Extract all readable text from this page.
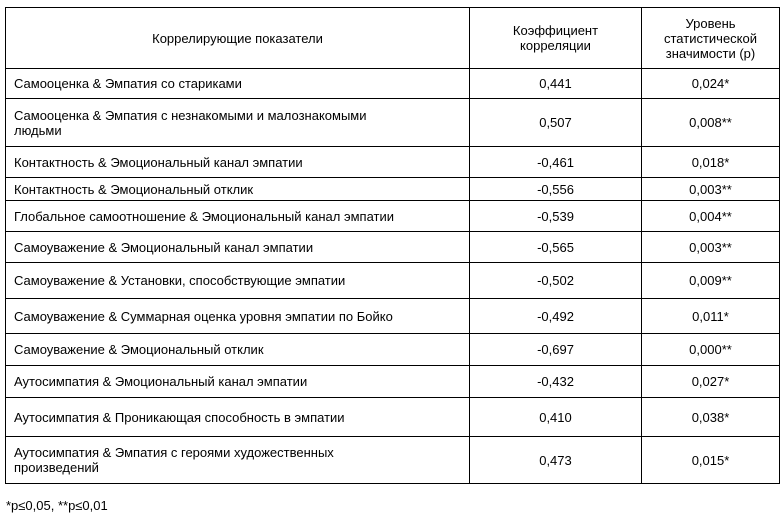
Коррелирующие показатели	Коэффициент корреляции	Уровень статистической значимости (р)
Самооценка & Эмпатия со стариками	0,441	0,024*
Самооценка & Эмпатия с незнакомыми и малознакомыми людьми	0,507	0,008**
Контактность & Эмоциональный канал эмпатии	-0,461	0,018*
Контактность & Эмоциональный отклик	-0,556	0,003**
Глобальное самоотношение & Эмоциональный канал эмпатии	-0,539	0,004**
Самоуважение & Эмоциональный канал эмпатии	-0,565	0,003**
Самоуважение & Установки, способствующие эмпатии	-0,502	0,009**
Самоуважение & Суммарная оценка уровня эмпатии по Бойко	-0,492	0,011*
Самоуважение & Эмоциональный отклик	-0,697	0,000**
Аутосимпатия & Эмоциональный канал эмпатии	-0,432	0,027*
Аутосимпатия & Проникающая способность в эмпатии	0,410	0,038*
Аутосимпатия & Эмпатия с героями художественных произведений	0,473	0,015*
*p≤0,05, **p≤0,01
